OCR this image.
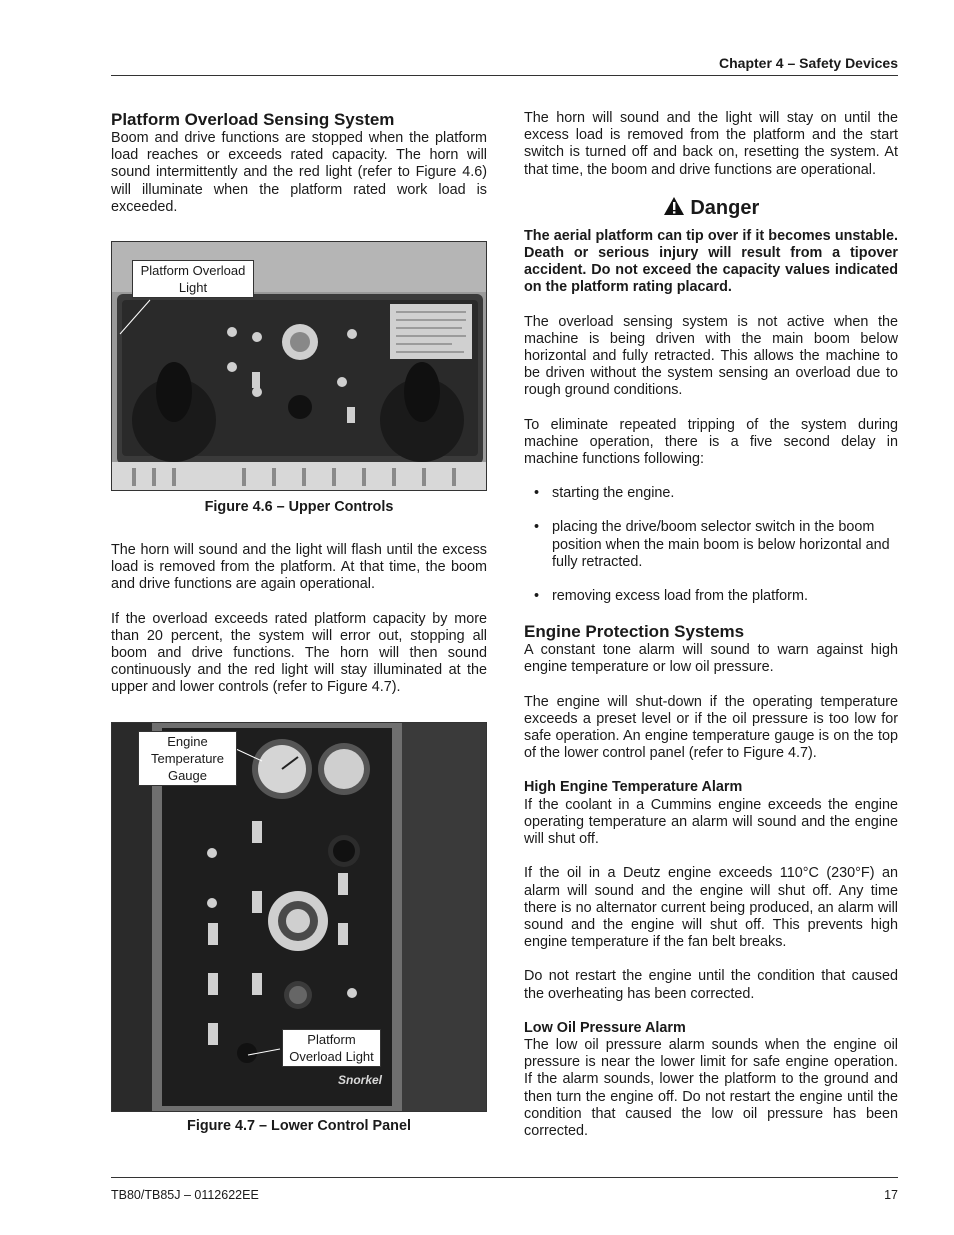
Chapter 4 – Safety Devices
Platform Overload Sensing System

Boom and drive functions are stopped when the platform load reaches or exceeds rated capacity. The horn will sound intermittently and the red light (refer to Figure 4.6) will illuminate when the platform rated work load is exceeded.

Platform Overload Light
Figure 4.6 – Upper Controls

The horn will sound and the light will flash until the excess load is removed from the platform. At that time, the boom and drive functions are again operational.

If the overload exceeds rated platform capacity by more than 20 percent, the system will error out, stopping all boom and drive functions. The horn will then sound continuously and the red light will stay illuminated at the upper and lower controls (refer to Figure 4.7).

Snorkel
Engine Temperature Gauge
Platform Overload Light
Figure 4.7 – Lower Control Panel

The horn will sound and the light will stay on until the excess load is removed from the platform and the start switch is turned off and back on, resetting the system. At that time, the boom and drive functions are operational.

Danger

The aerial platform can tip over if it becomes unstable. Death or serious injury will result from a tipover accident. Do not exceed the capacity values indicated on the platform rating placard.

The overload sensing system is not active when the machine is being driven with the main boom below horizontal and fully retracted. This allows the machine to be driven without the system sensing an overload due to rough ground conditions.

To eliminate repeated tripping of the system during machine operation, there is a five second delay in machine functions following:

• starting the engine.
• placing the drive/boom selector switch in the boom position when the main boom is below horizontal and fully retracted.
• removing excess load from the platform.
Engine Protection Systems

A constant tone alarm will sound to warn against high engine temperature or low oil pressure.

The engine will shut-down if the operating temperature exceeds a preset level or if the oil pressure is too low for safe operation. An engine temperature gauge is on the top of the lower control panel (refer to Figure 4.7).

High Engine Temperature Alarm

If the coolant in a Cummins engine exceeds the engine operating temperature an alarm will sound and the engine will shut off.

If the oil in a Deutz engine exceeds 110°C (230°F) an alarm will sound and the engine will shut off. Any time there is no alternator current being produced, an alarm will sound and the engine will shut off. This prevents high engine temperature if the fan belt breaks.

Do not restart the engine until the condition that caused the overheating has been corrected.

Low Oil Pressure Alarm

The low oil pressure alarm sounds when the engine oil pressure is near the lower limit for safe engine operation. If the alarm sounds, lower the platform to the ground and then turn the engine off. Do not restart the engine until the condition that caused the low oil pressure has been corrected.

TB80/TB85J – 0112622EE	17
